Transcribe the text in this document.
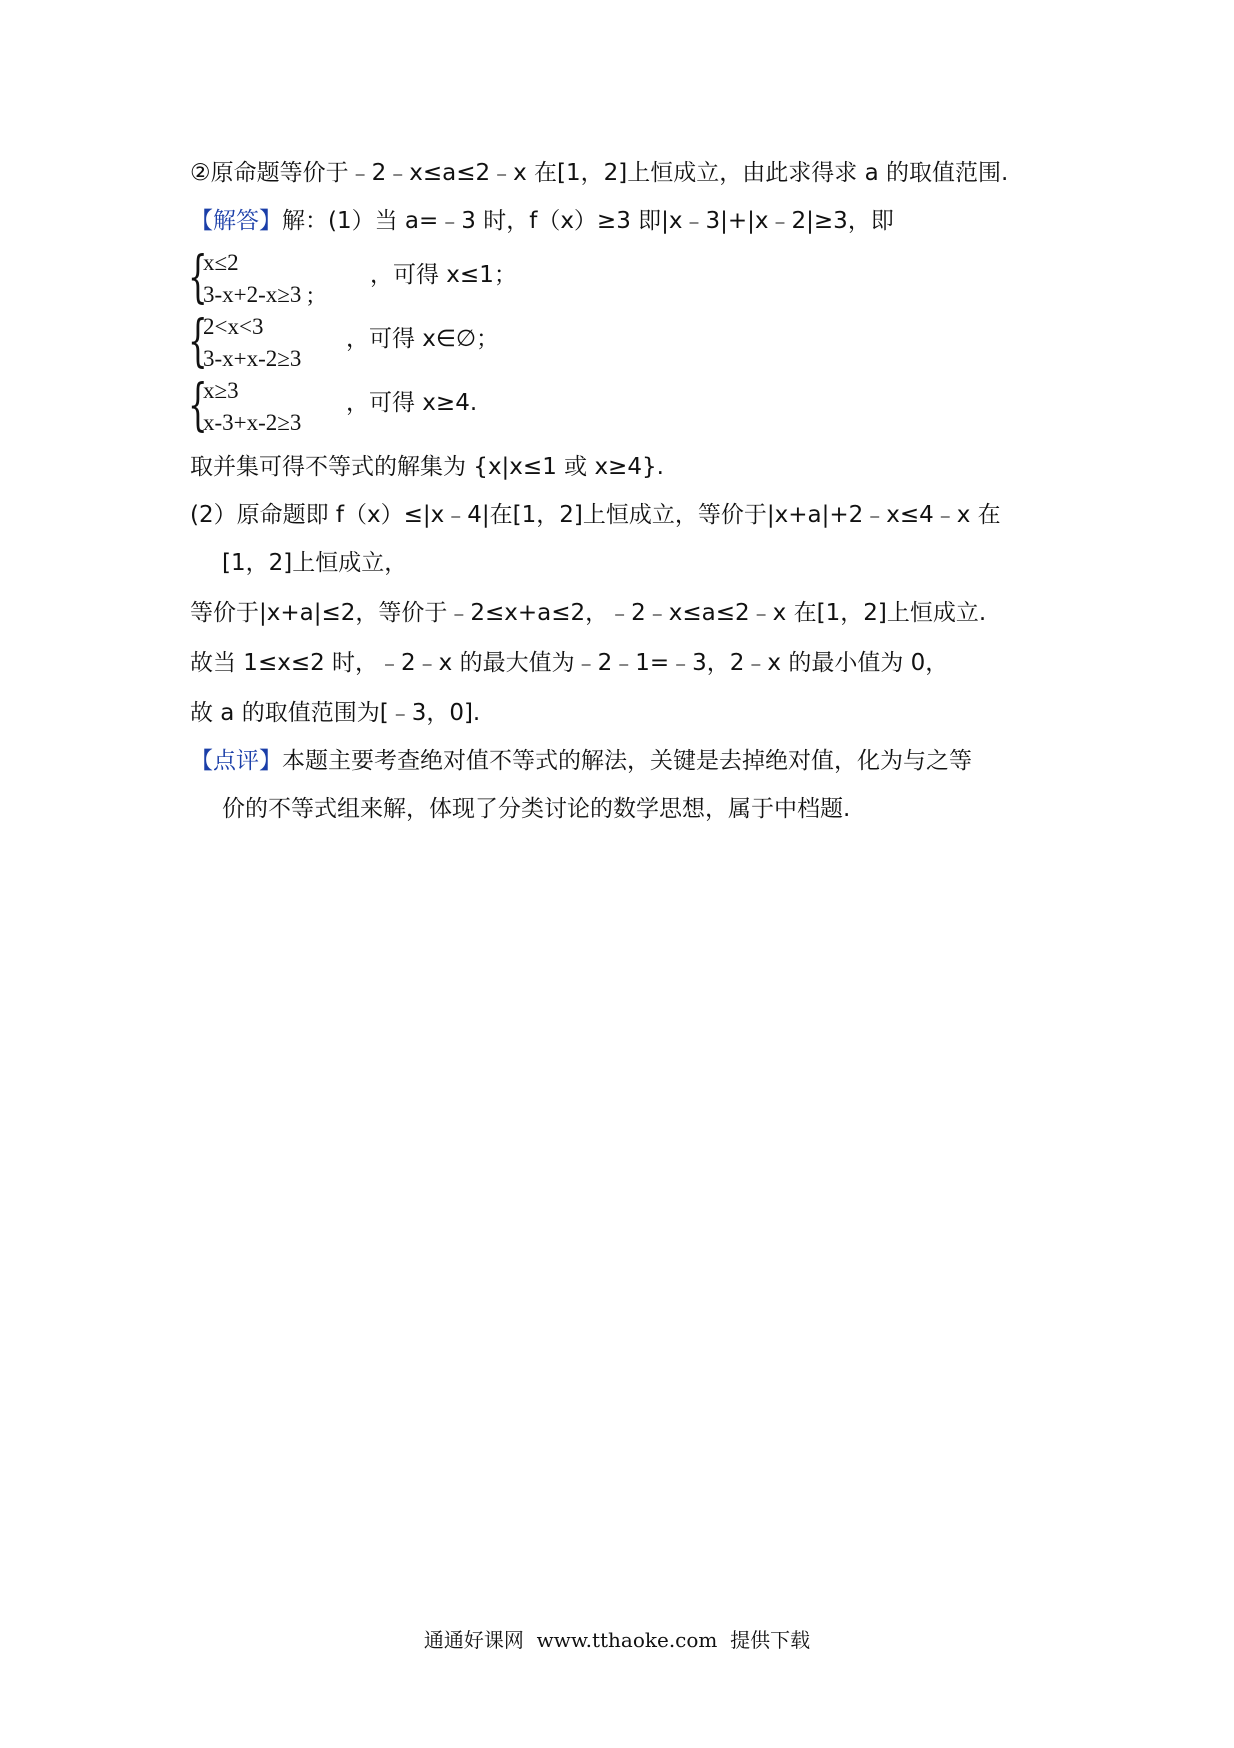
②原命题等价于﹣2﹣x≤a≤2﹣x 在[1，2]上恒成立，由此求得求 a 的取值范围.
【解答】解：(1）当 a=﹣3 时，f（x）≥3 即|x﹣3|+|x﹣2|≥3，即
{
x≤2
3-x+2-x≥3 ;
，可得 x≤1；
{
2<x<3
3-x+x-2≥3
，可得 x∈∅；
{
x≥3
x-3+x-2≥3
，可得 x≥4.
取并集可得不等式的解集为 {x|x≤1 或 x≥4}.
(2）原命题即 f（x）≤|x﹣4|在[1，2]上恒成立，等价于|x+a|+2﹣x≤4﹣x 在
[1，2]上恒成立，
等价于|x+a|≤2，等价于﹣2≤x+a≤2，﹣2﹣x≤a≤2﹣x 在[1，2]上恒成立.
故当 1≤x≤2 时，﹣2﹣x 的最大值为﹣2﹣1=﹣3，2﹣x 的最小值为 0，
故 a 的取值范围为[﹣3，0].
【点评】本题主要考查绝对值不等式的解法，关键是去掉绝对值，化为与之等
价的不等式组来解，体现了分类讨论的数学思想，属于中档题.
通通好课网  www.tthaoke.com  提供下载
